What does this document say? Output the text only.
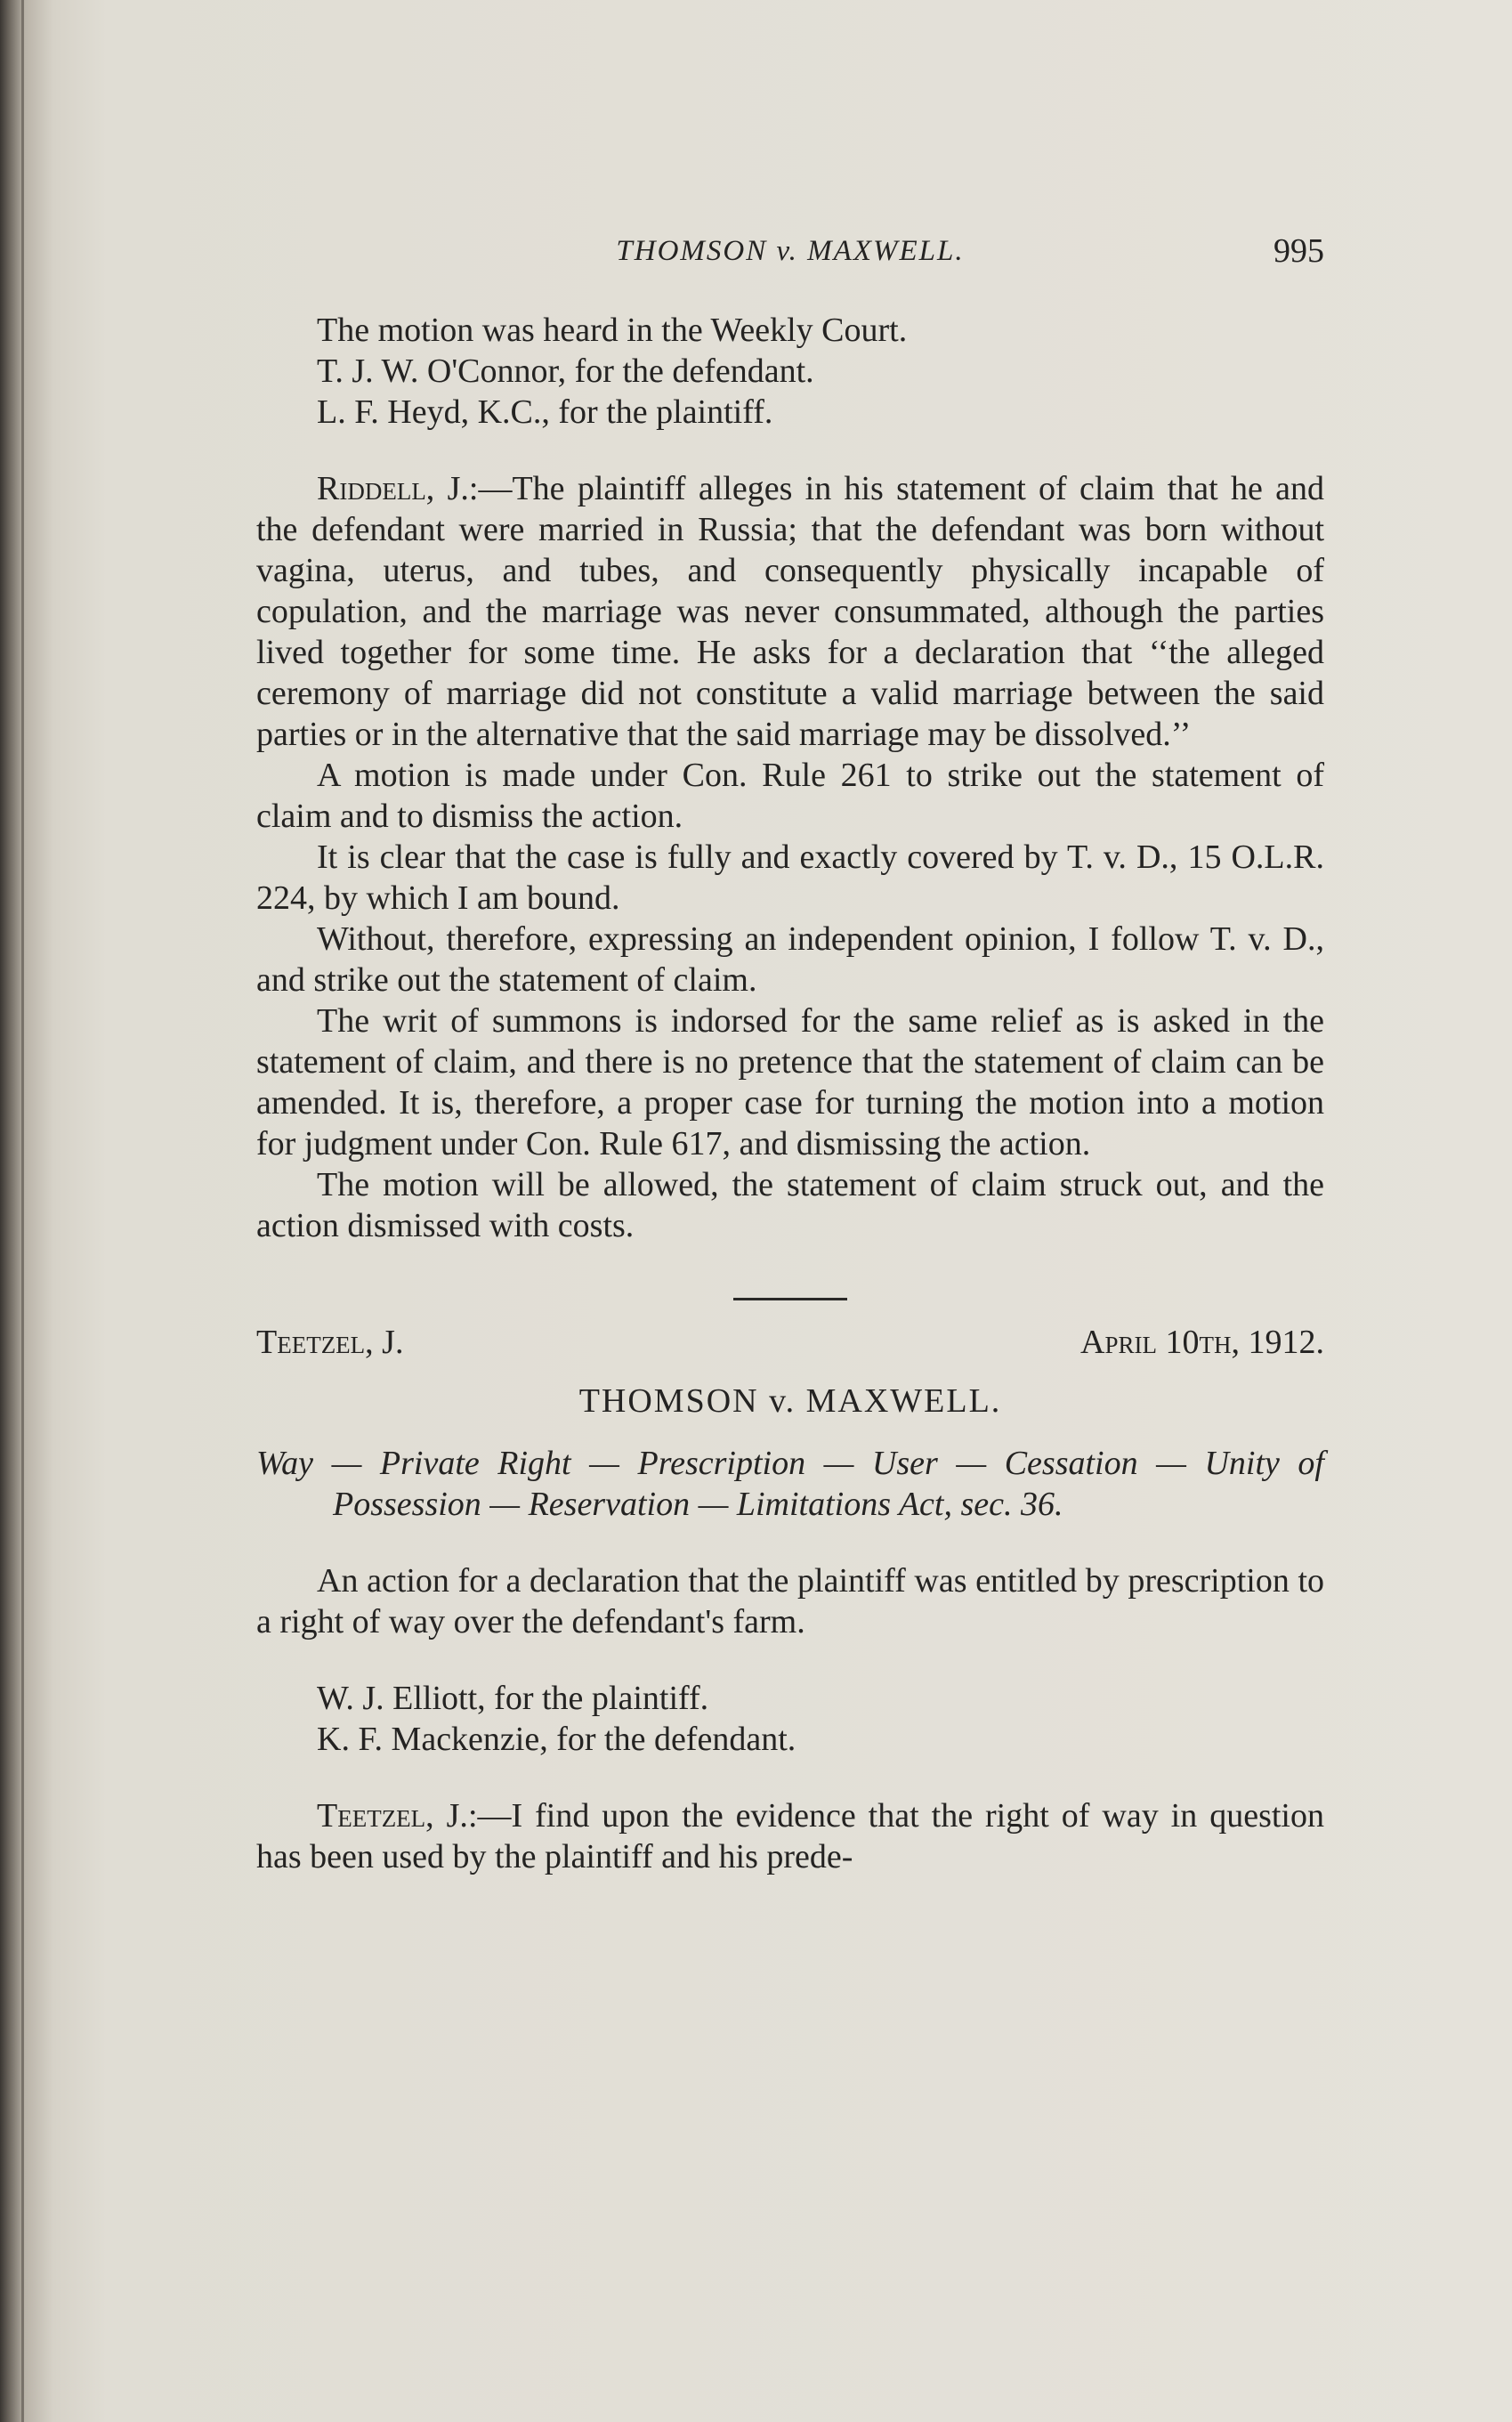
THOMSON v. MAXWELL.	995

The motion was heard in the Weekly Court.

T. J. W. O'Connor, for the defendant.

L. F. Heyd, K.C., for the plaintiff.

Riddell, J.:—The plaintiff alleges in his statement of claim that he and the defendant were married in Russia; that the defendant was born without vagina, uterus, and tubes, and consequently physically incapable of copulation, and the marriage was never consummated, although the parties lived together for some time. He asks for a declaration that ‘‘the alleged ceremony of marriage did not constitute a valid marriage between the said parties or in the alternative that the said marriage may be dissolved.’’

A motion is made under Con. Rule 261 to strike out the statement of claim and to dismiss the action.

It is clear that the case is fully and exactly covered by T. v. D., 15 O.L.R. 224, by which I am bound.

Without, therefore, expressing an independent opinion, I follow T. v. D., and strike out the statement of claim.

The writ of summons is indorsed for the same relief as is asked in the statement of claim, and there is no pretence that the statement of claim can be amended. It is, therefore, a proper case for turning the motion into a motion for judgment under Con. Rule 617, and dismissing the action.

The motion will be allowed, the statement of claim struck out, and the action dismissed with costs.

Teetzel, J.	April 10th, 1912.
THOMSON v. MAXWELL.
Way — Private Right — Prescription — User — Cessation — Unity of Possession — Reservation — Limitations Act, sec. 36.

An action for a declaration that the plaintiff was entitled by prescription to a right of way over the defendant's farm.

W. J. Elliott, for the plaintiff.

K. F. Mackenzie, for the defendant.

Teetzel, J.:—I find upon the evidence that the right of way in question has been used by the plaintiff and his prede-
